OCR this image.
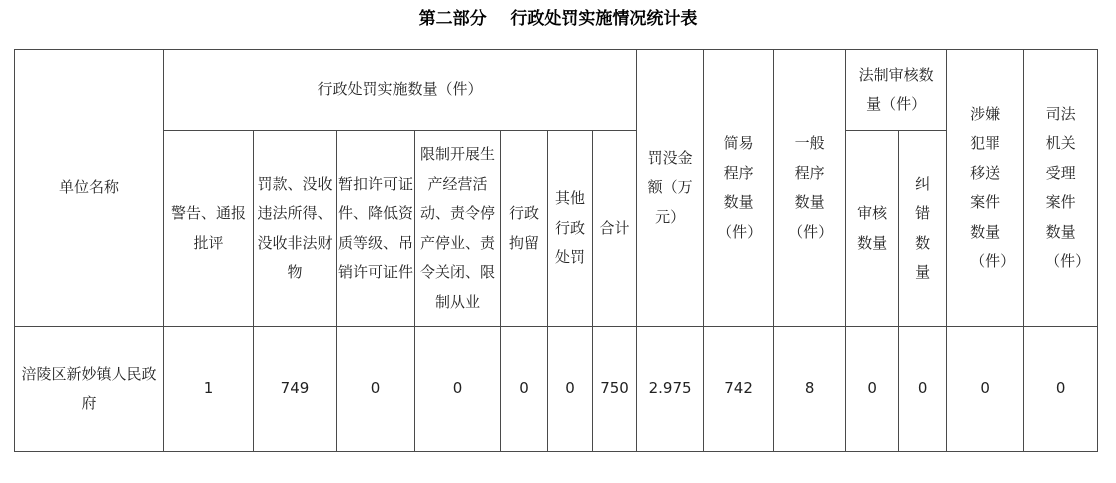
第二部分    行政处罚实施情况统计表
单位名称	行政处罚实施数量（件）							罚没金额（万元）	简易程序数量（件）	一般程序数量（件）	法制审核数量（件）		涉嫌犯罪移送案件数量（件）	司法机关受理案件数量（件）
	警告、通报批评	罚款、没收违法所得、没收非法财物	暂扣许可证件、降低资质等级、吊销许可证件	限制开展生产经营活动、责令停产停业、责令关闭、限制从业	行政拘留	其他行政处罚	合计				审核数量	纠错数量		
涪陵区新妙镇人民政府	1	749	0	0	0	0	750	2.975	742	8	0	0	0	0
